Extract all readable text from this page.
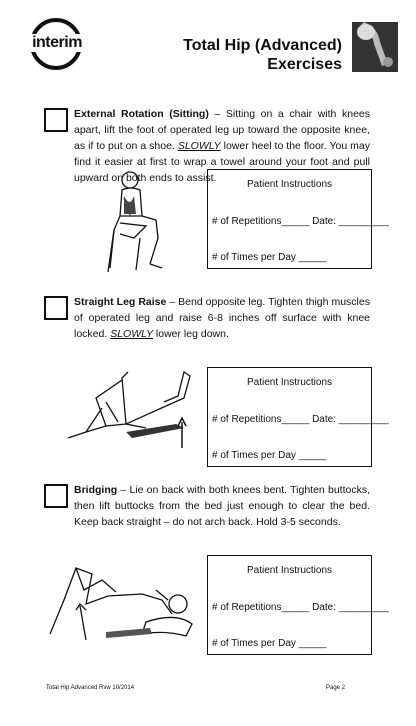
interim	Total Hip (Advanced)
Exercises
External Rotation (Sitting) – Sitting on a chair with knees apart, lift the foot of operated leg up toward the opposite knee, as if to put on a shoe. SLOWLY lower heel to the floor. You may find it easier at first to wrap a towel around your foot and pull upward on both ends to assist.
Patient Instructions
# of Repetitions_____ Date: _________
# of Times per Day _____
Straight Leg Raise – Bend opposite leg. Tighten thigh muscles of operated leg and raise 6-8 inches off surface with knee locked. SLOWLY lower leg down.
Patient Instructions
# of Repetitions_____ Date: _________
# of Times per Day _____
Bridging – Lie on back with both knees bent. Tighten buttocks, then lift buttocks from the bed just enough to clear the bed. Keep back straight – do not arch back. Hold 3-5 seconds.
Patient Instructions
# of Repetitions_____ Date: _________
# of Times per Day _____
Total Hip Advanced Rvw 10/2014	Page 2
